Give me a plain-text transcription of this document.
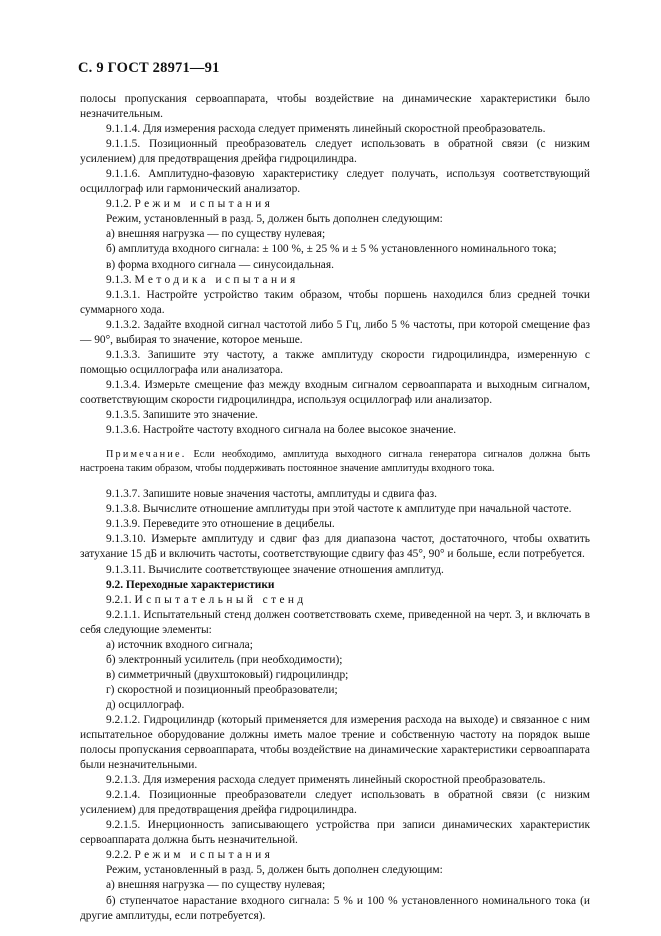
С. 9 ГОСТ 28971—91

полосы пропускания сервоаппарата, чтобы воздействие на динамические характеристики было незначительным.

9.1.1.4. Для измерения расхода следует применять линейный скоростной преобразователь.

9.1.1.5. Позиционный преобразователь следует использовать в обратной связи (с низким усилением) для предотвращения дрейфа гидроцилиндра.

9.1.1.6. Амплитудно-фазовую характеристику следует получать, используя соответствующий осциллограф или гармонический анализатор.

9.1.2. Режим испытания

Режим, установленный в разд. 5, должен быть дополнен следующим:

а) внешняя нагрузка — по существу нулевая;

б) амплитуда входного сигнала: ± 100 %, ± 25 % и ± 5 % установленного номинального тока;

в) форма входного сигнала — синусоидальная.

9.1.3. Методика испытания

9.1.3.1. Настройте устройство таким образом, чтобы поршень находился близ средней точки суммарного хода.

9.1.3.2. Задайте входной сигнал частотой либо 5 Гц, либо 5 % частоты, при которой смещение фаз — 90°, выбирая то значение, которое меньше.

9.1.3.3. Запишите эту частоту, а также амплитуду скорости гидроцилиндра, измеренную с помощью осциллографа или анализатора.

9.1.3.4. Измерьте смещение фаз между входным сигналом сервоаппарата и выходным сигналом, соответствующим скорости гидроцилиндра, используя осциллограф или анализатор.

9.1.3.5. Запишите это значение.

9.1.3.6. Настройте частоту входного сигнала на более высокое значение.

Примечание. Если необходимо, амплитуда выходного сигнала генератора сигналов должна быть настроена таким образом, чтобы поддерживать постоянное значение амплитуды входного тока.

9.1.3.7. Запишите новые значения частоты, амплитуды и сдвига фаз.

9.1.3.8. Вычислите отношение амплитуды при этой частоте к амплитуде при начальной частоте.

9.1.3.9. Переведите это отношение в децибелы.

9.1.3.10. Измерьте амплитуду и сдвиг фаз для диапазона частот, достаточного, чтобы охватить затухание 15 дБ и включить частоты, соответствующие сдвигу фаз 45°, 90° и больше, если потребуется.

9.1.3.11. Вычислите соответствующее значение отношения амплитуд.

9.2. Переходные характеристики

9.2.1. Испытательный стенд

9.2.1.1. Испытательный стенд должен соответствовать схеме, приведенной на черт. 3, и включать в себя следующие элементы:

а) источник входного сигнала;

б) электронный усилитель (при необходимости);

в) симметричный (двухштоковый) гидроцилиндр;

г) скоростной и позиционный преобразователи;

д) осциллограф.

9.2.1.2. Гидроцилиндр (который применяется для измерения расхода на выходе) и связанное с ним испытательное оборудование должны иметь малое трение и собственную частоту на порядок выше полосы пропускания сервоаппарата, чтобы воздействие на динамические характеристики сервоаппарата были незначительными.

9.2.1.3. Для измерения расхода следует применять линейный скоростной преобразователь.

9.2.1.4. Позиционные преобразователи следует использовать в обратной связи (с низким усилением) для предотвращения дрейфа гидроцилиндра.

9.2.1.5. Инерционность записывающего устройства при записи динамических характеристик сервоаппарата должна быть незначительной.

9.2.2. Режим испытания

Режим, установленный в разд. 5, должен быть дополнен следующим:

а) внешняя нагрузка — по существу нулевая;

б) ступенчатое нарастание входного сигнала: 5 % и 100 % установленного номинального тока (и другие амплитуды, если потребуется).
